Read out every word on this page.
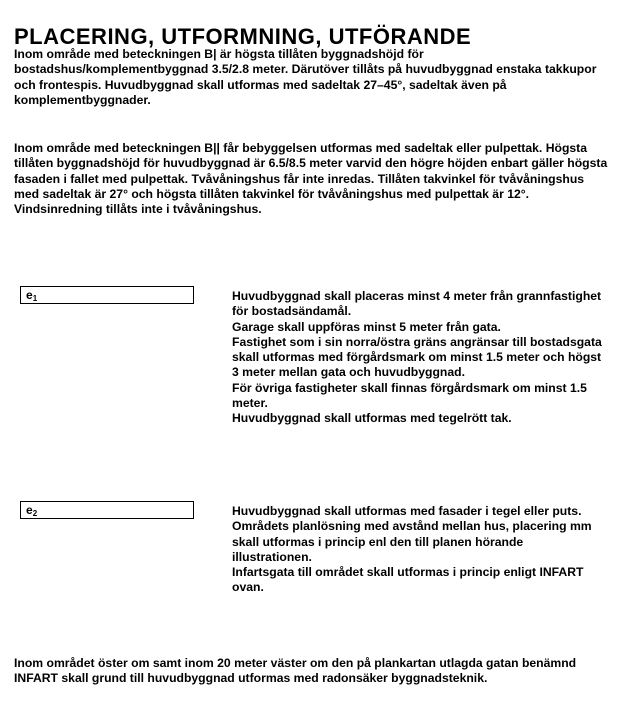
PLACERING, UTFORMNING, UTFÖRANDE

Inom område med beteckningen B| är högsta tillåten byggnadshöjd för bostadshus/komplementbyggnad 3.5/2.8 meter. Därutöver tillåts på huvudbyggnad enstaka takkupor och frontespis. Huvudbyggnad skall utformas med sadeltak 27–45°, sadeltak även på komplementbyggnader.

Inom område med beteckningen B|| får bebyggelsen utformas med sadeltak eller pulpettak. Högsta tillåten byggnadshöjd för huvudbyggnad är 6.5/8.5 meter varvid den högre höjden enbart gäller högsta fasaden i fallet med pulpettak. Tvåvåningshus får inte inredas. Tillåten takvinkel för tvåvåningshus med sadeltak är 27° och högsta tillåten takvinkel för tvåvåningshus med pulpettak är 12°. Vindsinredning tillåts inte i tvåvåningshus.

$e_1$	Huvudbyggnad skall placeras minst 4 meter från grannfastighet för bostadsändamål.

Garage skall uppföras minst 5 meter från gata.

Fastighet som i sin norra/östra gräns angränsar till bostadsgata skall utformas med förgårdsmark om minst 1.5 meter och högst 3 meter mellan gata och huvudbyggnad.

För övriga fastigheter skall finnas förgårdsmark om minst 1.5 meter.

Huvudbyggnad skall utformas med tegelrött tak.

$e_2$	Huvudbyggnad skall utformas med fasader i tegel eller puts.

Områdets planlösning med avstånd mellan hus, placering mm skall utformas i princip enl den till planen hörande illustrationen.

Infartsgata till området skall utformas i princip enligt INFART ovan.

Inom området öster om samt inom 20 meter väster om den på plankartan utlagda gatan benämnd INFART skall grund till huvudbyggnad utformas med radonsäker byggnadsteknik.
